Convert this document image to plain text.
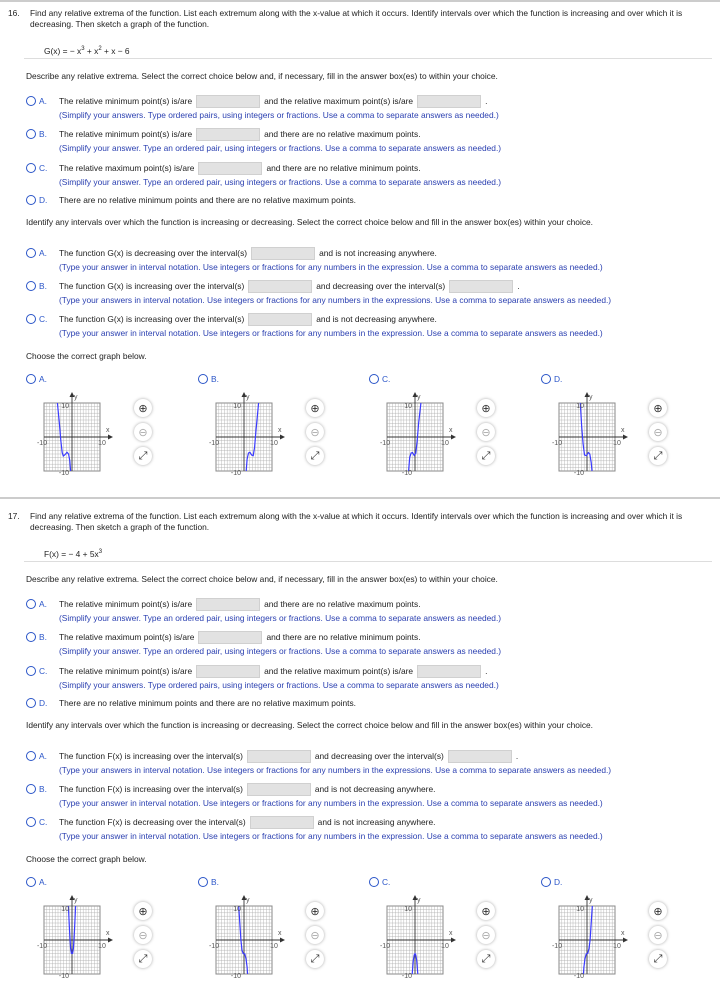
16. Find any relative extrema of the function. List each extremum along with the x-value at which it occurs. Identify intervals over which the function is increasing and over which it is decreasing. Then sketch a graph of the function.
G(x) = − $x^3 + x^2 + x - 6$
Describe any relative extrema. Select the correct choice below and, if necessary, fill in the answer box(es) to within your choice.
A.	The relative minimum point(s) is/are	and the relative maximum point(s) is/are	.
(Simplify your answers. Type ordered pairs, using integers or fractions. Use a comma to separate answers as needed.)
B.	The relative minimum point(s) is/are	and there are no relative maximum points.
(Simplify your answer. Type an ordered pair, using integers or fractions. Use a comma to separate answers as needed.)
C.	The relative maximum point(s) is/are	and there are no relative minimum points.
(Simplify your answer. Type an ordered pair, using integers or fractions. Use a comma to separate answers as needed.)
D.	There are no relative minimum points and there are no relative maximum points.
Identify any intervals over which the function is increasing or decreasing. Select the correct choice below and fill in the answer box(es) within your choice.
A.	The function G(x) is decreasing over the interval(s)	and is not increasing anywhere.
(Type your answer in interval notation. Use integers or fractions for any numbers in the expression. Use a comma to separate answers as needed.)
B.	The function G(x) is increasing over the interval(s)	and decreasing over the interval(s)	.
(Type your answers in interval notation. Use integers or fractions for any numbers in the expressions. Use a comma to separate answers as needed.)
C.	The function G(x) is increasing over the interval(s)	and is not decreasing anywhere.
(Type your answer in interval notation. Use integers or fractions for any numbers in the expression. Use a comma to separate answers as needed.)
Choose the correct graph below.
A.
y
x
-10	10
10
-10
⊕
⊖
⤢
B.
y
x
-10	10
10
-10
⊕
⊖
⤢
C.
y
x
-10	10
10
-10
⊕
⊖
⤢
D.
y
x
-10	10
10
-10
⊕
⊖
⤢
17. Find any relative extrema of the function. List each extremum along with the x-value at which it occurs. Identify intervals over which the function is increasing and over which it is decreasing. Then sketch a graph of the function.
F(x) = − $4 + 5x^3$
Describe any relative extrema. Select the correct choice below and, if necessary, fill in the answer box(es) to within your choice.
A.	The relative minimum point(s) is/are	and there are no relative maximum points.
(Simplify your answer. Type an ordered pair, using integers or fractions. Use a comma to separate answers as needed.)
B.	The relative maximum point(s) is/are	and there are no relative minimum points.
(Simplify your answer. Type an ordered pair, using integers or fractions. Use a comma to separate answers as needed.)
C.	The relative minimum point(s) is/are	and the relative maximum point(s) is/are	.
(Simplify your answers. Type ordered pairs, using integers or fractions. Use a comma to separate answers as needed.)
D.	There are no relative minimum points and there are no relative maximum points.
Identify any intervals over which the function is increasing or decreasing. Select the correct choice below and fill in the answer box(es) within your choice.
A.	The function F(x) is increasing over the interval(s)	and decreasing over the interval(s)	.
(Type your answers in interval notation. Use integers or fractions for any numbers in the expressions. Use a comma to separate answers as needed.)
B.	The function F(x) is increasing over the interval(s)	and is not decreasing anywhere.
(Type your answer in interval notation. Use integers or fractions for any numbers in the expression. Use a comma to separate answers as needed.)
C.	The function F(x) is decreasing over the interval(s)	and is not increasing anywhere.
(Type your answer in interval notation. Use integers or fractions for any numbers in the expression. Use a comma to separate answers as needed.)
Choose the correct graph below.
A.
y
x
-10	10
10
-10
⊕
⊖
⤢
B.
y
x
-10	10
10
-10
⊕
⊖
⤢
C.
y
x
-10	10
10
-10
⊕
⊖
⤢
D.
y
x
-10	10
10
-10
⊕
⊖
⤢
